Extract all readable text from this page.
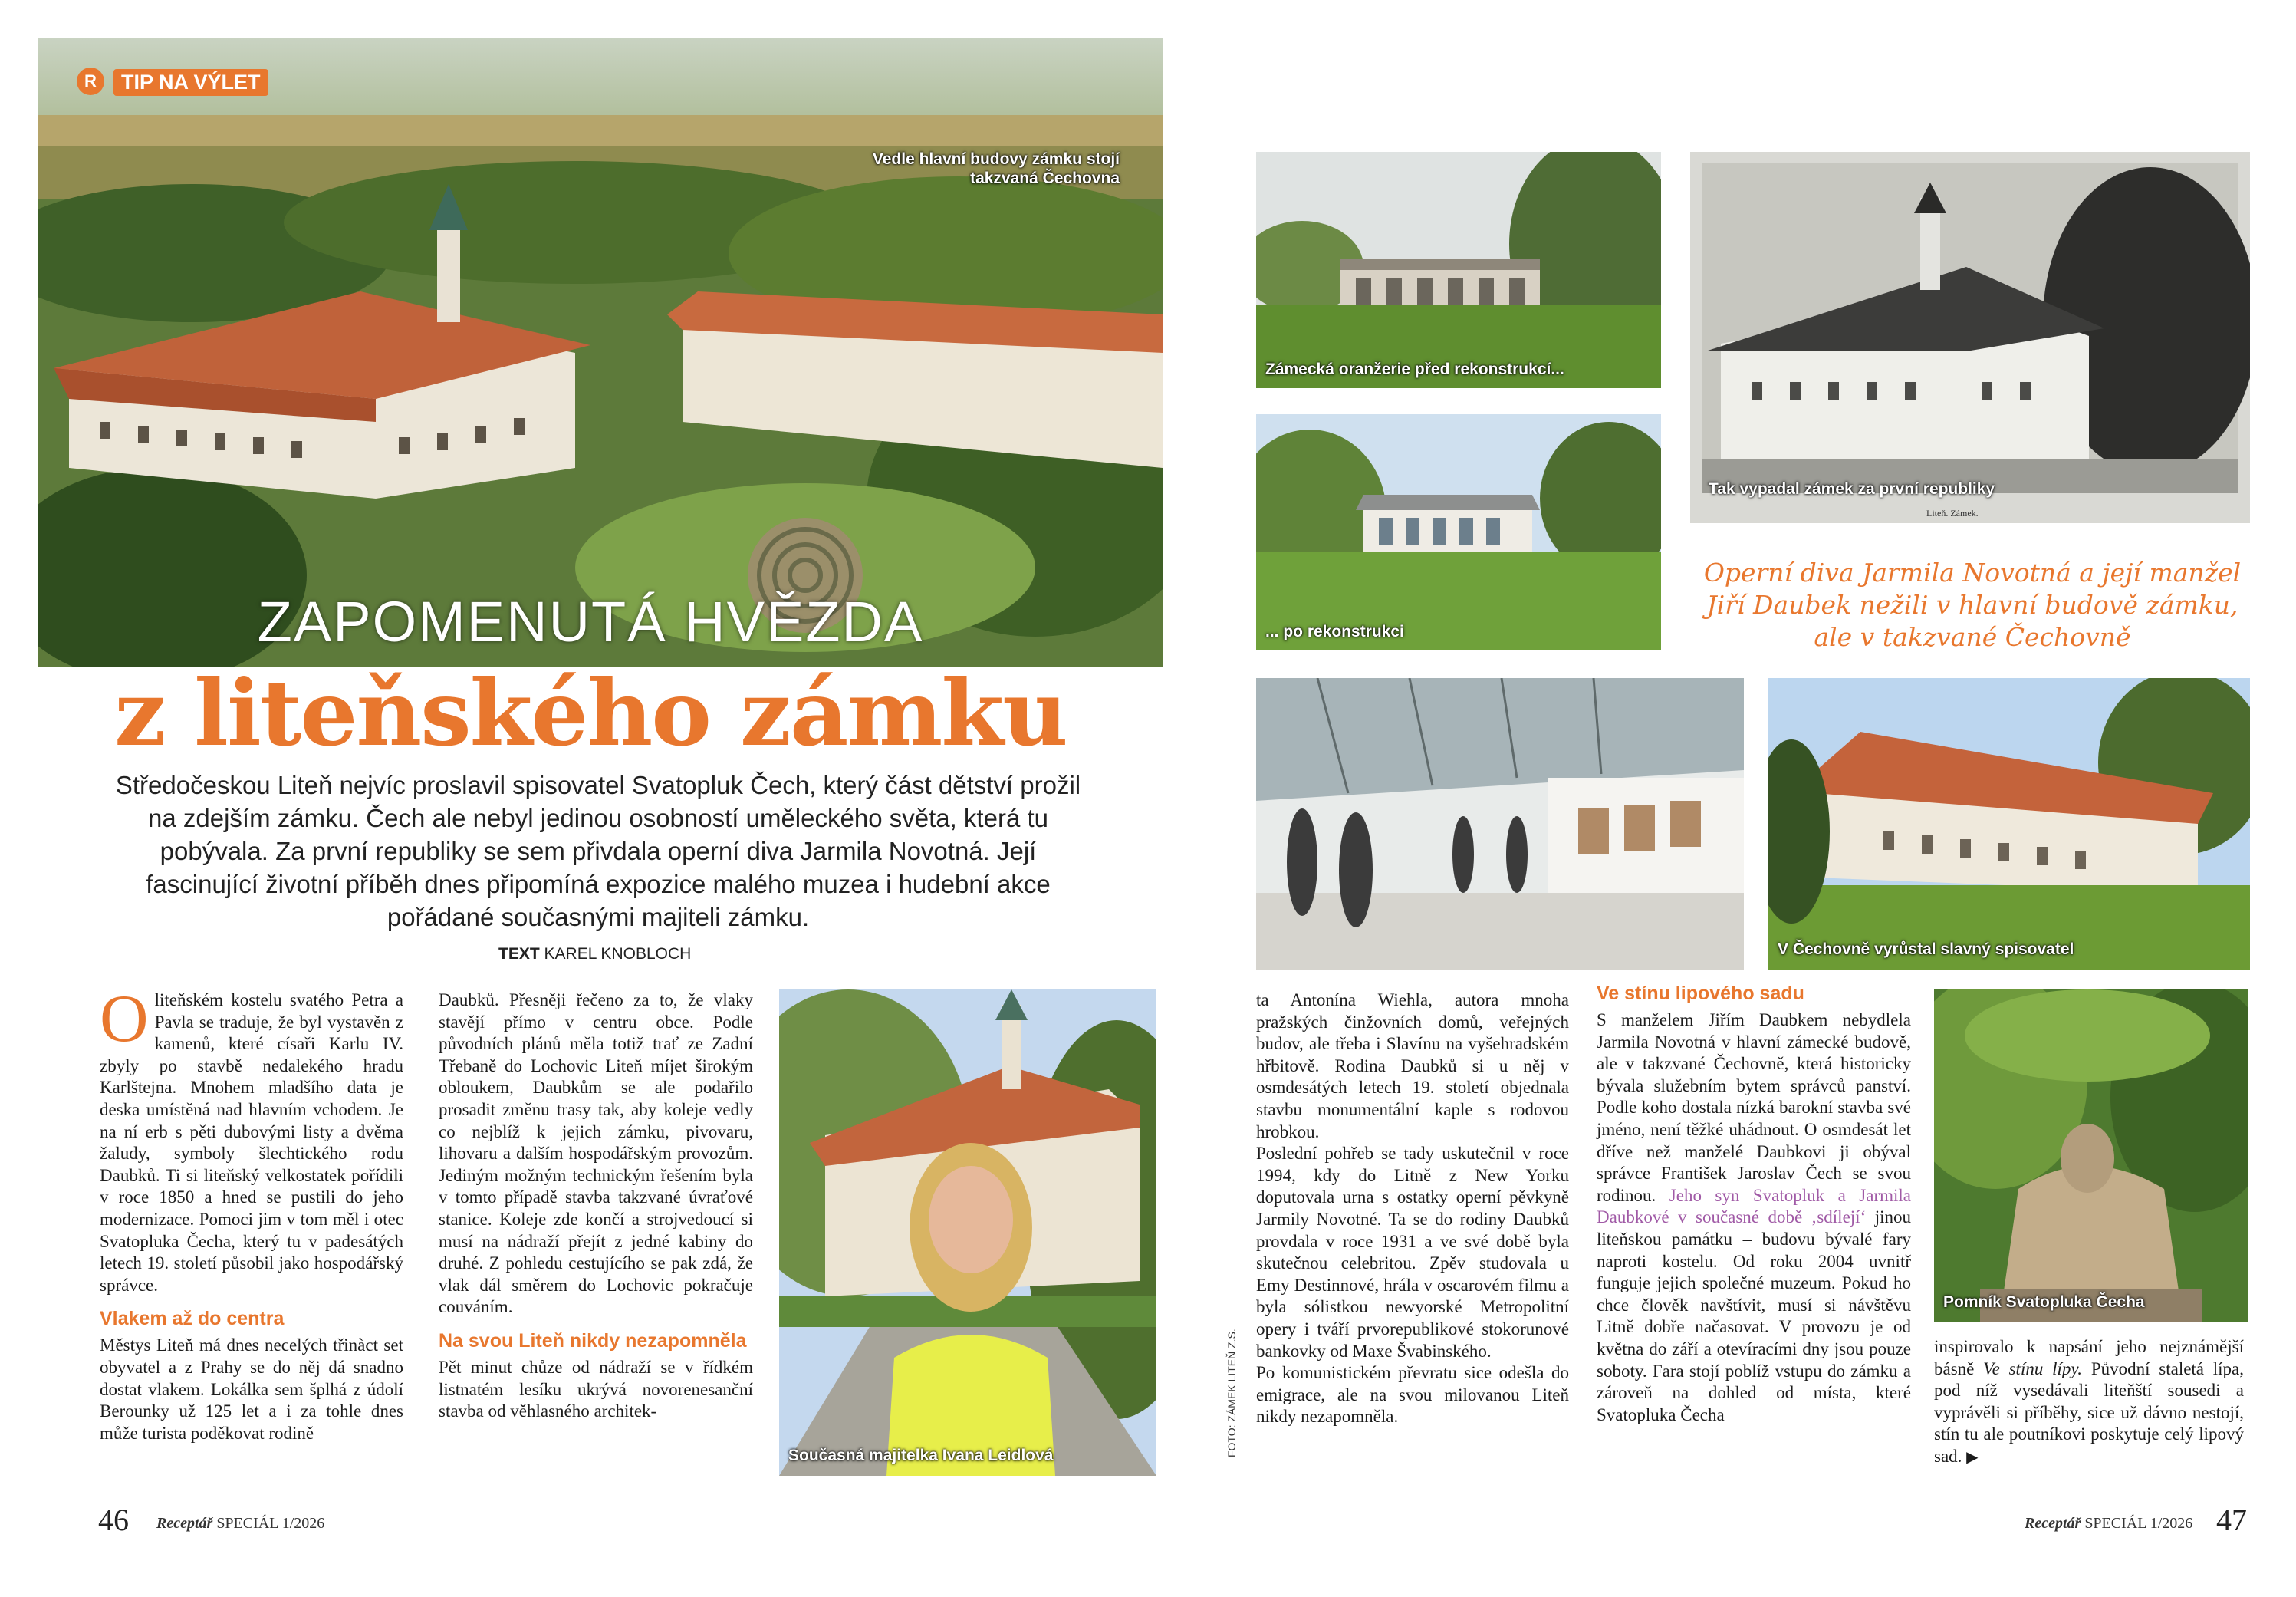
R	TIP NA VÝLET
Vedle hlavní budovy zámku stojí takzvaná Čechovna
ZAPOMENUTÁ HVĚZDA
z liteňského zámku
Středočeskou Liteň nejvíc proslavil spisovatel Svatopluk Čech, který část dětství prožil na zdejším zámku. Čech ale nebyl jedinou osobností uměleckého světa, která tu pobývala. Za první republiky se sem přivdala operní diva Jarmila Novotná. Její fascinující životní příběh dnes připomíná expozice malého muzea i hudební akce pořádané současnými majiteli zámku.
TEXT KAREL KNOBLOCH
O liteňském kostelu svatého Petra a Pavla se traduje, že byl vystavěn z kamenů, které císaři Karlu IV. zbyly po stavbě nedalekého hradu Karlštejna. Mnohem mladšího data je deska umístěná nad hlavním vchodem. Je na ní erb s pěti dubovými listy a dvěma žaludy, symboly šlechtického rodu Daubků. Ti si liteňský velkostatek pořídili v roce 1850 a hned se pustili do jeho modernizace. Pomoci jim v tom měl i otec Svatopluka Čecha, který tu v padesátých letech 19. století působil jako hospodářský správce.

Vlakem až do centra

Městys Liteň má dnes necelých třinàct set obyvatel a z Prahy se do něj dá snadno dostat vlakem. Lokálka sem šplhá z údolí Berounky už 125 let a i za tohle dnes může turista poděkovat rodině

Daubků. Přesněji řečeno za to, že vlaky stavějí přímo v centru obce. Podle původních plánů měla totiž trať ze Zadní Třebaně do Lochovic Liteň míjet širokým obloukem, Daubkům se ale podařilo prosadit změnu trasy tak, aby koleje vedly co nejblíž k jejich zámku, pivovaru, lihovaru a dalším hospodářským provozům. Jediným možným technickým řešením byla v tomto případě stavba takzvané úvraťové stanice. Koleje zde končí a strojvedoucí si musí na nádraží přejít z jedné kabiny do druhé. Z pohledu cestujícího se pak zdá, že vlak dál směrem do Lochovic pokračuje couváním.

Na svou Liteň nikdy nezapomněla

Pět minut chůze od nádraží se v řídkém listnatém lesíku ukrývá novorenesanční stavba od věhlasného architek-

Současná majitelka Ivana Leidlová
46 Receptář SPECIÁL 1/2026
Zámecká oranžerie před rekonstrukcí...
... po rekonstrukci
Tak vypadal zámek za první republiky
Liteň. Zámek.
Operní diva Jarmila Novotná a její manžel Jiří Daubek nežili v hlavní budově zámku, ale v takzvané Čechovně
V Čechovně vyrůstal slavný spisovatel
FOTO: ZÁMEK LITEŇ Z.S.

ta Antonína Wiehla, autora mnoha pražských činžovních domů, veřejných budov, ale třeba i Slavínu na vyšehradském hřbitově. Rodina Daubků si u něj v osmdesátých letech 19. století objednala stavbu monumentální kaple s rodovou hrobkou.

Poslední pohřeb se tady uskutečnil v roce 1994, kdy do Litně z New Yorku doputovala urna s ostatky operní pěvkyně Jarmily Novotné. Ta se do rodiny Daubků provdala v roce 1931 a ve své době byla skutečnou celebritou. Zpěv studovala u Emy Destinnové, hrála v oscarovém filmu a byla sólistkou newyorské Metropolitní opery i tváří prvorepublikové stokorunové bankovky od Maxe Švabinského.

Po komunistickém převratu sice odešla do emigrace, ale na svou milovanou Liteň nikdy nezapomněla.

Ve stínu lipového sadu

S manželem Jiřím Daubkem nebydlela Jarmila Novotná v hlavní zámecké budově, ale v takzvané Čechovně, která historicky bývala služebním bytem správců panství. Podle koho dostala nízká barokní stavba své jméno, není těžké uhádnout. O osmdesát let dříve než manželé Daubkovi ji obýval správce František Jaroslav Čech se svou rodinou. Jeho syn Svatopluk a Jarmila Daubkové v současné době ‚sdílejí‘ jinou liteňskou památku – budovu bývalé fary naproti kostelu. Od roku 2004 uvnitř funguje jejich společné muzeum. Pokud ho chce člověk navštívit, musí si návštěvu Litně dobře načasovat. V provozu je od května do září a otevíracími dny jsou pouze soboty. Fara stojí poblíž vstupu do zámku a zároveň na dohled od místa, které Svatopluka Čecha

Pomník Svatopluka Čecha

inspirovalo k napsání jeho nejznámější básně Ve stínu lípy. Původní staletá lípa, pod níž vysedávali liteňští sousedi a vyprávěli si příběhy, sice už dávno nestojí, stín tu ale poutníkovi poskytuje celý lipový sad. ▶

Receptář SPECIÁL 1/2026 47
